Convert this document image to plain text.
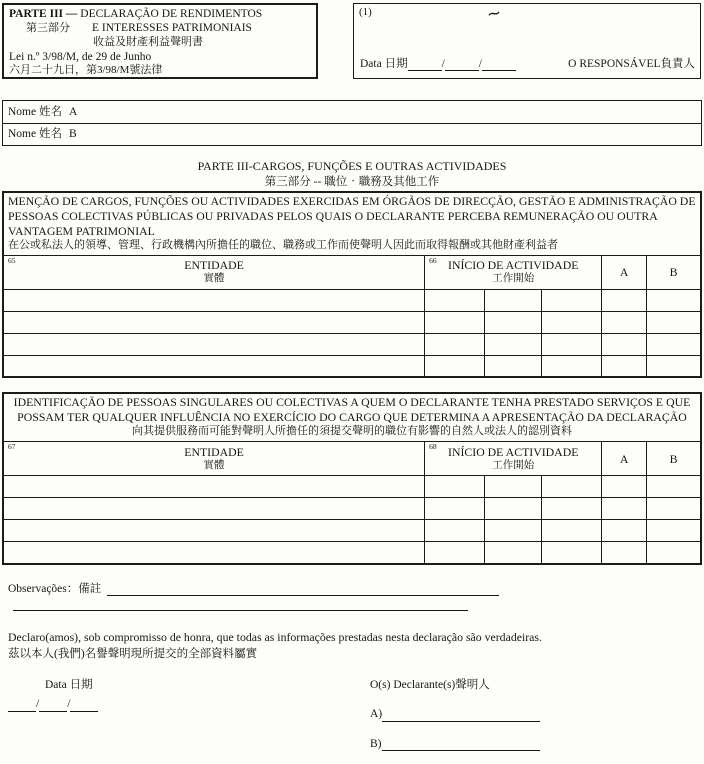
PARTE III — DECLARAÇÃO DE RENDIMENTOS
第三部分 E INTERESSES PATRIMONIAIS
收益及財產利益聲明書
Lei n.º 3/98/M, de 29 de Junho
六月二十九日，第3/98/M號法律
(1)	~
Data 日期	/	/	O RESPONSÁVEL負責人
Nome 姓名 A
Nome 姓名 B
PARTE III-CARGOS, FUNÇÕES E OUTRAS ACTIVIDADES
第三部分 -- 職位‧職務及其他工作
MENÇÃO DE CARGOS, FUNÇÕES OU ACTIVIDADES EXERCIDAS EM ÓRGÃOS DE DIRECÇÃO, GESTÃO E ADMINISTRAÇÃO DE PESSOAS COLECTIVAS PÚBLICAS OU PRIVADAS PELOS QUAIS O DECLARANTE PERCEBA REMUNERAÇÃO OU OUTRA VANTAGEM PATRIMONIAL
在公或私法人的領導、管理、行政機構內所擔任的職位、職務或工作而使聲明人因此而取得報酬或其他財產利益者					

65	ENTIDADE
實體

66 INÍCIO DE ACTIVIDADE
工作開始	A	B

IDENTIFICAÇÃO DE PESSOAS SINGULARES OU COLECTIVAS A QUEM O DECLARANTE TENHA PRESTADO SERVIÇOS E QUE POSSAM TER QUALQUER INFLUÊNCIA NO EXERCÍCIO DO CARGO QUE DETERMINA A APRESENTAÇÃO DA DECLARAÇÃO
向其提供服務而可能對聲明人所擔任的須提交聲明的職位有影響的自然人或法人的認別資料					

67	ENTIDADE
實體

68 INÍCIO DE ACTIVIDADE
工作開始	A	B

Observações：備註
Declaro(amos), sob compromisso de honra, que todas as informações prestadas nesta declaração são verdadeiras.
茲以本人(我們)名譽聲明現所提交的全部資料屬實
Data 日期
/ /
O(s) Declarante(s)聲明人
A)
B)
